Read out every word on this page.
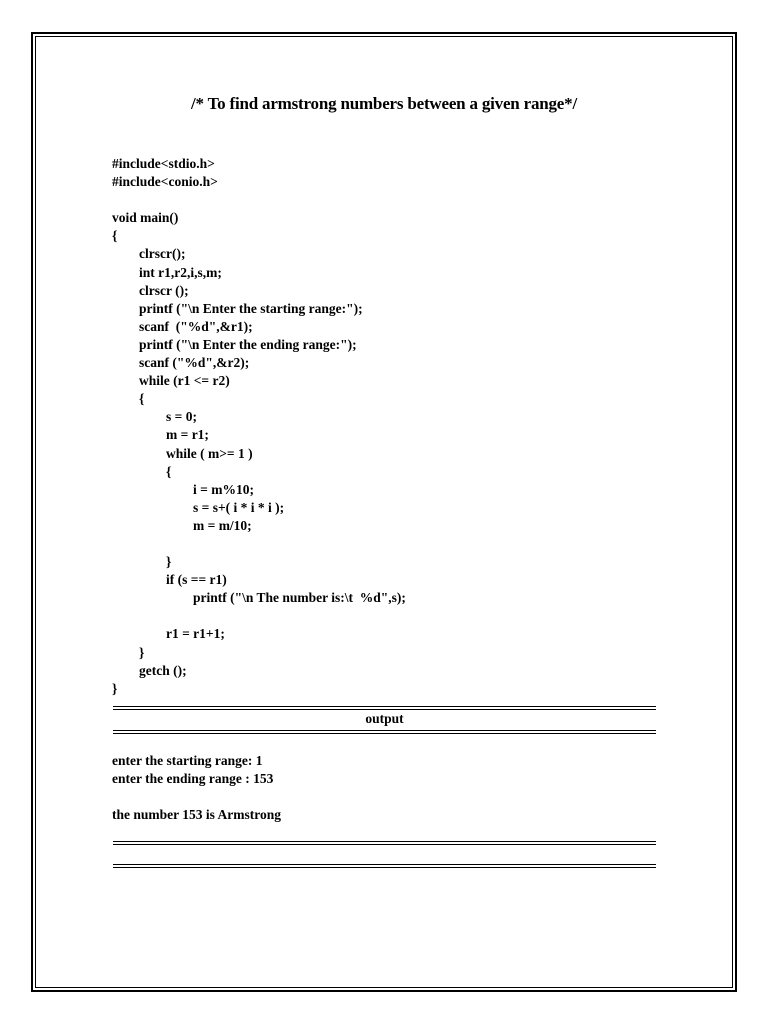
/* To find armstrong numbers between a given range*/
#include<stdio.h>
#include<conio.h>
void main()
{
clrscr();
int r1,r2,i,s,m;
clrscr ();
printf ("\n Enter the starting range:");
scanf  ("%d",&r1);
printf ("\n Enter the ending range:");
scanf ("%d",&r2);
while (r1 <= r2)
{
s = 0;
m = r1;
while ( m>= 1 )
{
i = m%10;
s = s+( i * i * i );
m = m/10;
}
if (s == r1)
printf ("\n The number is:\t  %d",s);
r1 = r1+1;
}
getch ();
}
output
enter the starting range: 1
enter the ending range : 153
the number 153 is Armstrong
